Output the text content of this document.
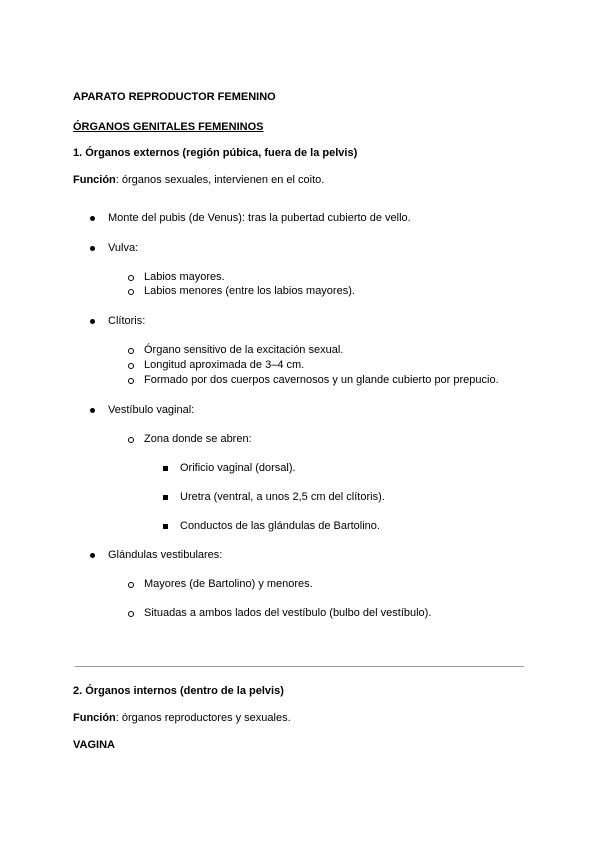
APARATO REPRODUCTOR FEMENINO
ÓRGANOS GENITALES FEMENINOS
1. Órganos externos (región púbica, fuera de la pelvis)
Función: órganos sexuales, intervienen en el coito.
Monte del pubis (de Venus): tras la pubertad cubierto de vello.
Vulva:
Labios mayores.
Labios menores (entre los labios mayores).
Clítoris:
Órgano sensitivo de la excitación sexual.
Longitud aproximada de 3–4 cm.
Formado por dos cuerpos cavernosos y un glande cubierto por prepucio.
Vestíbulo vaginal:
Zona donde se abren:
Orificio vaginal (dorsal).
Uretra (ventral, a unos 2,5 cm del clítoris).
Conductos de las glándulas de Bartolino.
Glándulas vestibulares:
Mayores (de Bartolino) y menores.
Situadas a ambos lados del vestíbulo (bulbo del vestíbulo).
2. Órganos internos (dentro de la pelvis)
Función: órganos reproductores y sexuales.
VAGINA
